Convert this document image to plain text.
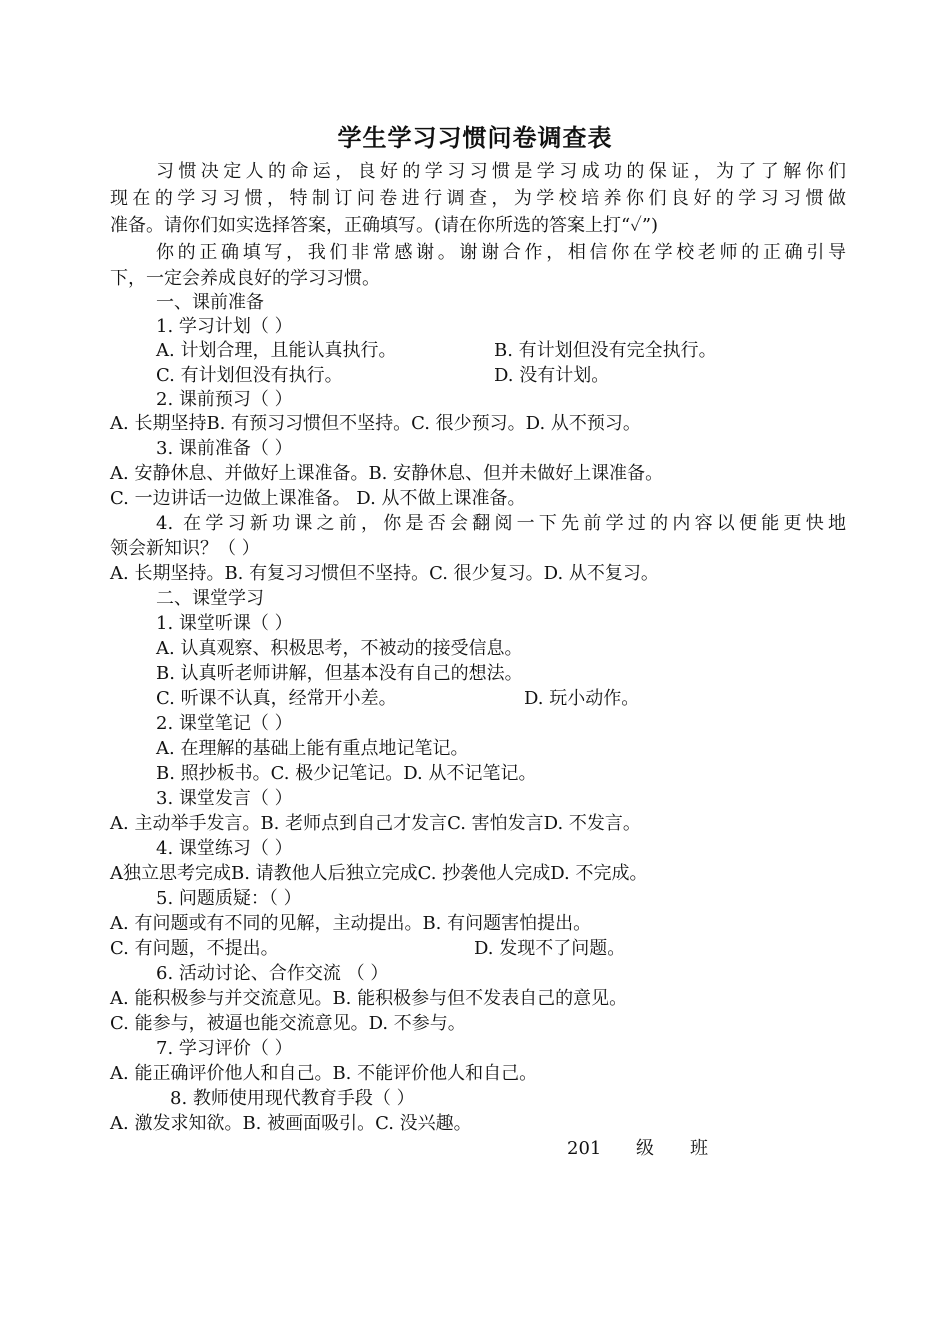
学生学习习惯问卷调查表
习惯决定人的命运，良好的学习习惯是学习成功的保证，为了了解你们
现在的学习习惯，特制订问卷进行调查，为学校培养你们良好的学习习惯做
准备。请你们如实选择答案，正确填写。(请在你所选的答案上打“✓”)
你的正确填写，我们非常感谢。谢谢合作，相信你在学校老师的正确引导
下，一定会养成良好的学习习惯。
一、课前准备
1. 学习计划（ ）
A. 计划合理，且能认真执行。	B. 有计划但没有完全执行。
C. 有计划但没有执行。	D. 没有计划。
2. 课前预习（ ）
A. 长期坚持B. 有预习习惯但不坚持。C. 很少预习。D. 从不预习。
3. 课前准备（ ）
A. 安静休息、并做好上课准备。B. 安静休息、但并未做好上课准备。
C. 一边讲话一边做上课准备。 D. 从不做上课准备。
4. 在学习新功课之前，你是否会翻阅一下先前学过的内容以便能更快地
领会新知识？（ ）
A. 长期坚持。B. 有复习习惯但不坚持。C. 很少复习。D. 从不复习。
二、课堂学习
1. 课堂听课（ ）
A. 认真观察、积极思考，不被动的接受信息。
B. 认真听老师讲解，但基本没有自己的想法。
C. 听课不认真，经常开小差。	D. 玩小动作。
2. 课堂笔记（ ）
A. 在理解的基础上能有重点地记笔记。
B. 照抄板书。C. 极少记笔记。D. 从不记笔记。
3. 课堂发言（ ）
A. 主动举手发言。B. 老师点到自己才发言C. 害怕发言D. 不发言。
4. 课堂练习（ ）
A独立思考完成B. 请教他人后独立完成C. 抄袭他人完成D. 不完成。
5. 问题质疑：（ ）
A. 有问题或有不同的见解，主动提出。B. 有问题害怕提出。
C. 有问题，不提出。	D. 发现不了问题。
6. 活动讨论、合作交流 （ ）
A. 能积极参与并交流意见。B. 能积极参与但不发表自己的意见。
C. 能参与，被逼也能交流意见。D. 不参与。
7. 学习评价（ ）
A. 能正确评价他人和自己。B. 不能评价他人和自己。
8. 教师使用现代教育手段（ ）
A. 激发求知欲。B. 被画面吸引。C. 没兴趣。
201 级 班
